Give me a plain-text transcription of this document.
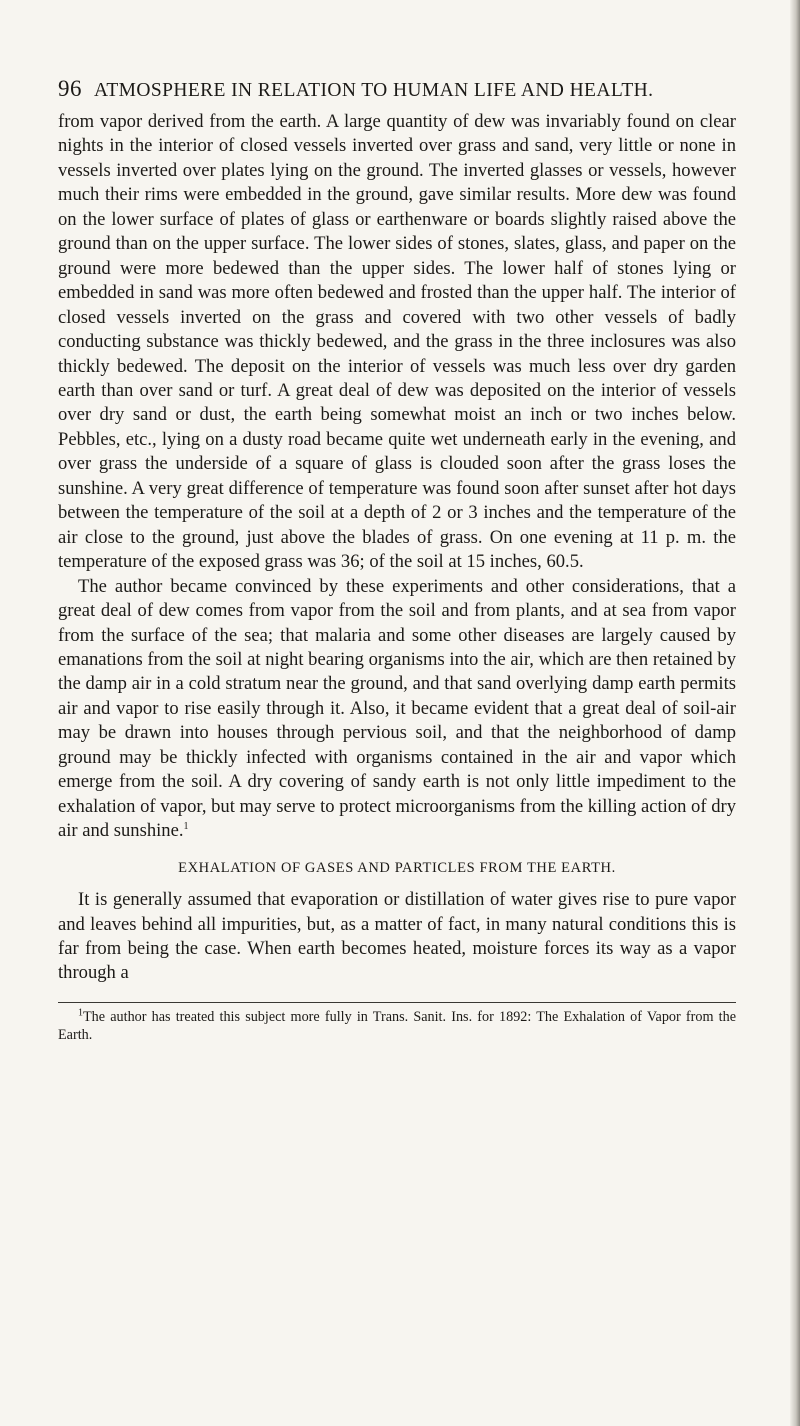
96 ATMOSPHERE IN RELATION TO HUMAN LIFE AND HEALTH.

from vapor derived from the earth. A large quantity of dew was invariably found on clear nights in the interior of closed vessels inverted over grass and sand, very little or none in vessels inverted over plates lying on the ground. The inverted glasses or vessels, however much their rims were embedded in the ground, gave similar results. More dew was found on the lower surface of plates of glass or earthenware or boards slightly raised above the ground than on the upper surface. The lower sides of stones, slates, glass, and paper on the ground were more bedewed than the upper sides. The lower half of stones lying or embedded in sand was more often bedewed and frosted than the upper half. The interior of closed vessels inverted on the grass and covered with two other vessels of badly conducting substance was thickly bedewed, and the grass in the three inclosures was also thickly bedewed. The deposit on the interior of vessels was much less over dry garden earth than over sand or turf. A great deal of dew was deposited on the interior of vessels over dry sand or dust, the earth being somewhat moist an inch or two inches below. Pebbles, etc., lying on a dusty road became quite wet underneath early in the evening, and over grass the underside of a square of glass is clouded soon after the grass loses the sunshine. A very great difference of temperature was found soon after sunset after hot days between the temperature of the soil at a depth of 2 or 3 inches and the temperature of the air close to the ground, just above the blades of grass. On one evening at 11 p. m. the temperature of the exposed grass was 36; of the soil at 15 inches, 60.5.

The author became convinced by these experiments and other considerations, that a great deal of dew comes from vapor from the soil and from plants, and at sea from vapor from the surface of the sea; that malaria and some other diseases are largely caused by emanations from the soil at night bearing organisms into the air, which are then retained by the damp air in a cold stratum near the ground, and that sand overlying damp earth permits air and vapor to rise easily through it. Also, it became evident that a great deal of soil-air may be drawn into houses through pervious soil, and that the neighborhood of damp ground may be thickly infected with organisms contained in the air and vapor which emerge from the soil. A dry covering of sandy earth is not only little impediment to the exhalation of vapor, but may serve to protect microorganisms from the killing action of dry air and sunshine.$^1$

EXHALATION OF GASES AND PARTICLES FROM THE EARTH.

It is generally assumed that evaporation or distillation of water gives rise to pure vapor and leaves behind all impurities, but, as a matter of fact, in many natural conditions this is far from being the case. When earth becomes heated, moisture forces its way as a vapor through a

$^1$The author has treated this subject more fully in Trans. Sanit. Ins. for 1892: The Exhalation of Vapor from the Earth.
